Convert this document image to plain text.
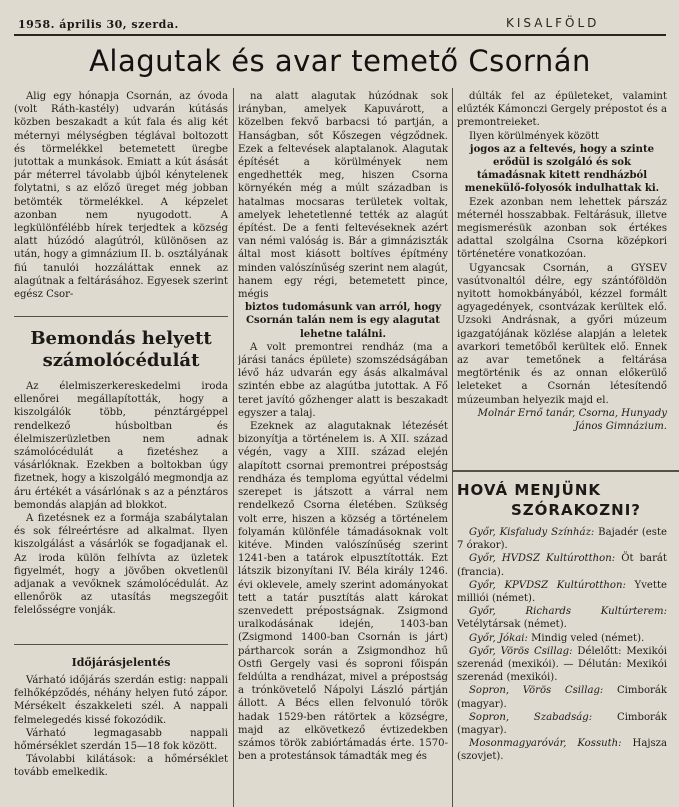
1958. április 30, szerda.	KISALFÖLD
Alagutak és avar temető Csornán

Alig egy hónapja Csornán, az óvoda (volt Ráth-kastély) udvarán kútásás közben beszakadt a kút fala és alig két méternyi mélységben téglával boltozott és törmelékkel betemetett üregbe jutottak a munkások. Emiatt a kút ásását pár méterrel távolabb újból kénytelenek folytatni, s az előző üreget még jobban betömték törmelékkel. A képzelet azonban nem nyugodott. A legkülönfélébb hírek terjedtek a község alatt húzódó alagútról, különösen az után, hogy a gimnázium II. b. osztályának fiú tanulói hozzáláttak ennek az alagútnak a feltárásához. Egyesek szerint egész Csor-

Bemondás helyett számolócédulát

Az élelmiszerkereskedelmi iroda ellenőrei megállapították, hogy a kiszolgálók több, pénztárgéppel rendelkező húsboltban és élelmiszerüzletben nem adnak számolócédulát a fizetéshez a vásárlóknak. Ezekben a boltokban úgy fizetnek, hogy a kiszolgáló megmondja az áru értékét a vásárlónak s az a pénztáros bemondás alapján ad blokkot.

A fizetésnek ez a formája szabálytalan és sok félreértésre ad alkalmat. Ilyen kiszolgálást a vásárlók se fogadjanak el. Az iroda külön felhívta az üzletek figyelmét, hogy a jövőben okvetlenül adjanak a vevőknek számolócédulát. Az ellenőrök az utasítás megszegőit felelősségre vonják.

Időjárásjelentés

Várható időjárás szerdán estig: nappali felhőképződés, néhány helyen futó zápor. Mérsékelt északkeleti szél. A nappali felmelegedés kissé fokozódik.

Várható legmagasabb nappali hőmérséklet szerdán 15—18 fok között.

Távolabbi kilátások: a hőmérséklet tovább emelkedik.

na alatt alagutak húzódnak sok irányban, amelyek Kapuvárott, a közelben fekvő barbacsi tó partján, a Hanságban, sőt Kőszegen végződnek. Ezek a feltevések alaptalanok. Alagutak építését a körülmények nem engedhették meg, hiszen Csorna környékén még a múlt században is hatalmas mocsaras területek voltak, amelyek lehetetlenné tették az alagút építést. De a fenti feltevéseknek azért van némi valóság is. Bár a gimnáziszták által most kiásott boltíves építmény minden valószínűség szerint nem alagút, hanem egy régi, betemetett pince, mégis

biztos tudomásunk van arról, hogy Csornán talán nem is egy alagutat lehetne találni.

A volt premontrei rendház (ma a járási tanács épülete) szomszédságában lévő ház udvarán egy ásás alkalmával szintén ebbe az alagútba jutottak. A Fő teret javító gőzhenger alatt is beszakadt egyszer a talaj.

Ezeknek az alagutaknak létezését bizonyítja a történelem is. A XII. század végén, vagy a XIII. század elején alapított csornai premontrei prépostság rendháza és temploma egyúttal védelmi szerepet is játszott a várral nem rendelkező Csorna életében. Szükség volt erre, hiszen a község a történelem folyamán különféle támadásoknak volt kitéve. Minden valószínűség szerint 1241-ben a tatárok elpusztították. Ezt látszik bizonyítani IV. Béla király 1246. évi oklevele, amely szerint adományokat tett a tatár pusztítás alatt károkat szenvedett prépostságnak. Zsigmond uralkodásának idején, 1403-ban (Zsigmond 1400-ban Csornán is járt) pártharcok során a Zsigmondhoz hű Ostfi Gergely vasi és soproni főispán feldúlta a rendházat, mivel a prépostság a trónkövetelő Nápolyi László pártján állott. A Bécs ellen felvonuló török hadak 1529-ben rátörtek a községre, majd az elkövetkező évtizedekben számos török zabiórtámadás érte. 1570-ben a protestánsok támadták meg és

dúlták fel az épületeket, valamint elűzték Kámonczi Gergely prépostot és a premontreieket.

Ilyen körülmények között

jogos az a feltevés, hogy a szinte erődül is szolgáló és sok támadásnak kitett rendházból menekülő-folyosók indulhattak ki.

Ezek azonban nem lehettek párszáz méternél hosszabbak. Feltárásuk, illetve megismerésük azonban sok értékes adattal szolgálna Csorna középkori történetére vonatkozóan.

Ugyancsak Csornán, a GYSEV vasútvonaltól délre, egy szántóföldön nyitott homokbányából, kézzel formált agyagedények, csontvázak kerültek elő. Uzsoki Andrásnak, a győri múzeum igazgatójának közlése alapján a leletek avarkori temetőből kerültek elő. Ennek az avar temetőnek a feltárása megtörténik és az onnan előkerülő leleteket a Csornán létesítendő múzeumban helyezik majd el.

Molnár Ernő tanár, Csorna, Hunyady János Gimnázium.

HOVÁ MENJÜNK
SZÓRAKOZNI?

Győr, Kisfaludy Színház: Bajadér (este 7 órakor).

Győr, HVDSZ Kultúrotthon: Öt barát (francia).

Győr, KPVDSZ Kultúrotthon: Yvette milliói (német).

Győr, Richards Kultúrterem: Vetélytársak (német).

Győr, Jókai: Mindig veled (német).

Győr, Vörös Csillag: Délelőtt: Mexikói szerenád (mexikói). — Délután: Mexikói szerenád (mexikói).

Sopron, Vörös Csillag: Cimborák (magyar).

Sopron, Szabadság: Cimborák (magyar).

Mosonmagyaróvár, Kossuth: Hajsza (szovjet).
